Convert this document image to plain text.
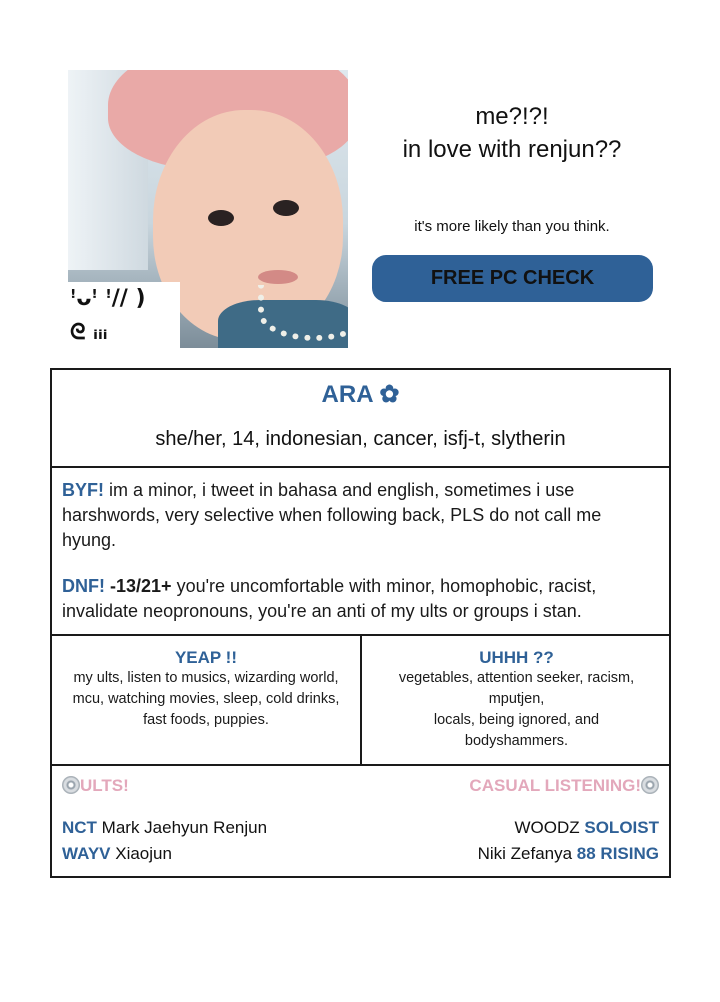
ꜝ⁠ᴗ⁠ꜝ ꜝ⁠/⁠/⁠ )
ᘓ ᵢᵢᵢ
me?!?!
in love with renjun??
it's more likely than you think.
FREE PC CHECK
ARA ✿
she/her, 14, indonesian, cancer, isfj-t, slytherin

BYF! im a minor, i tweet in bahasa and english, sometimes i use harshwords, very selective when following back, PLS do not call me hyung.

DNF! -13/21+ you're uncomfortable with minor, homophobic, racist, invalidate neopronouns, you're an anti of my ults or groups i stan.

YEAP !!
my ults, listen to musics, wizarding world, mcu, watching movies, sleep, cold drinks, fast foods, puppies.
UHHH ??
vegetables, attention seeker, racism,
mputjen,
locals, being ignored, and
bodyshammers.
ULTS!	CASUAL LISTENING!
NCT Mark Jaehyun Renjun
WAYV Xiaojun
WOODZ SOLOIST
Niki Zefanya 88 RISING
